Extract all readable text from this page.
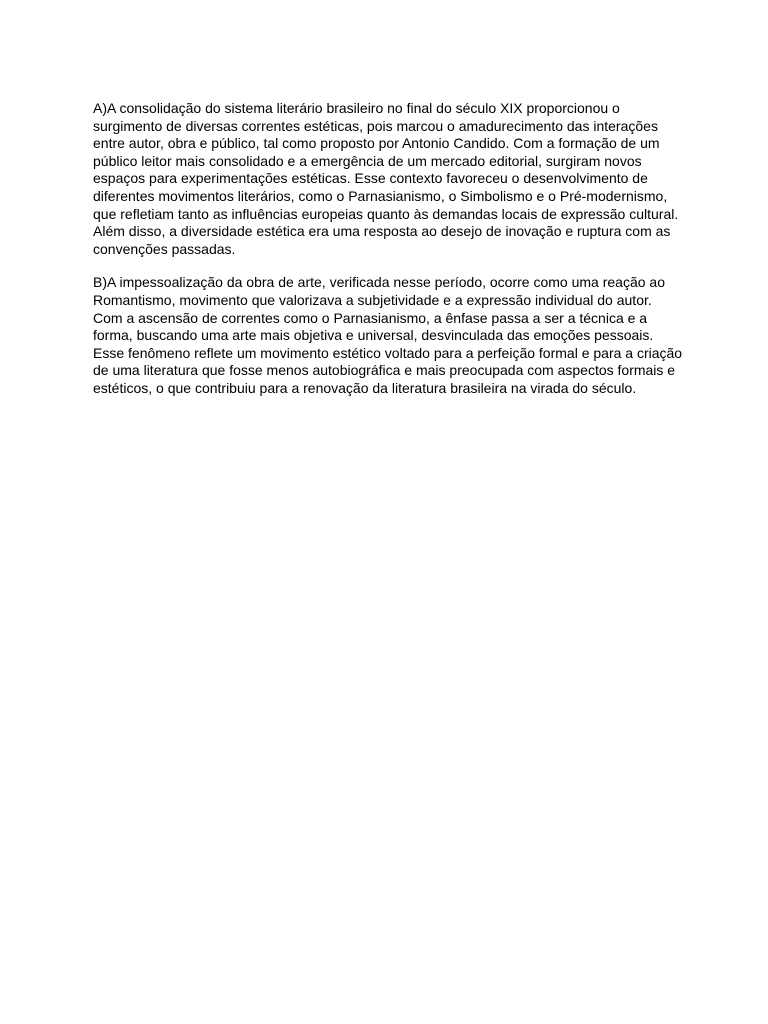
A)A consolidação do sistema literário brasileiro no final do século XIX proporcionou o surgimento de diversas correntes estéticas, pois marcou o amadurecimento das interações entre autor, obra e público, tal como proposto por Antonio Candido. Com a formação de um público leitor mais consolidado e a emergência de um mercado editorial, surgiram novos espaços para experimentações estéticas. Esse contexto favoreceu o desenvolvimento de diferentes movimentos literários, como o Parnasianismo, o Simbolismo e o Pré-modernismo, que refletiam tanto as influências europeias quanto às demandas locais de expressão cultural. Além disso, a diversidade estética era uma resposta ao desejo de inovação e ruptura com as convenções passadas.

B)A impessoalização da obra de arte, verificada nesse período, ocorre como uma reação ao Romantismo, movimento que valorizava a subjetividade e a expressão individual do autor. Com a ascensão de correntes como o Parnasianismo, a ênfase passa a ser a técnica e a forma, buscando uma arte mais objetiva e universal, desvinculada das emoções pessoais. Esse fenômeno reflete um movimento estético voltado para a perfeição formal e para a criação de uma literatura que fosse menos autobiográfica e mais preocupada com aspectos formais e estéticos, o que contribuiu para a renovação da literatura brasileira na virada do século.
